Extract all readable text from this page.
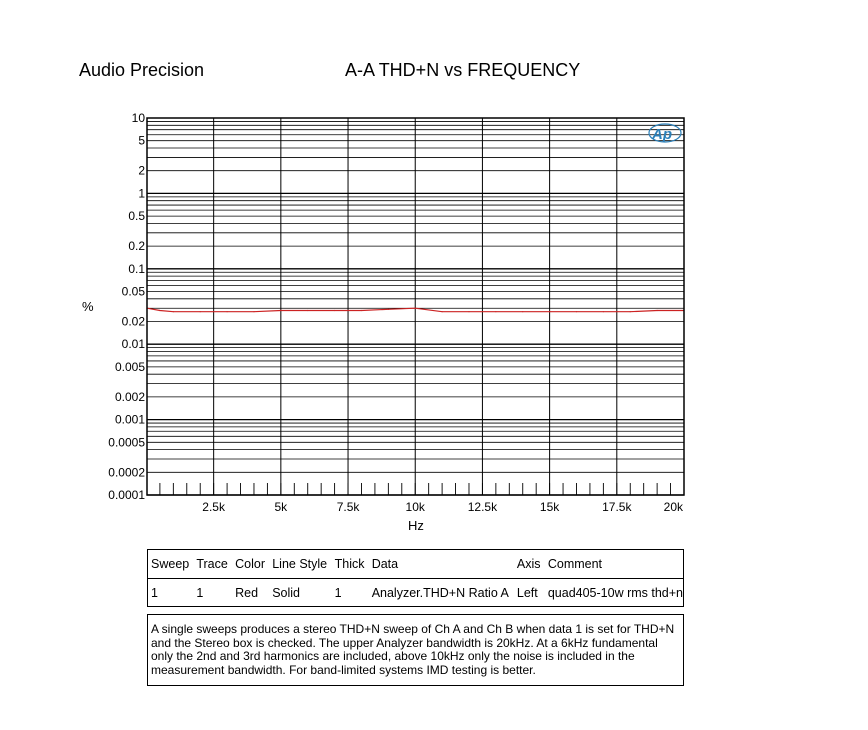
Audio Precision	A-A THD+N vs FREQUENCY
%
Hz
10
5
2
1
0.5
0.2
0.1
0.05
0.02
0.01
0.005
0.002
0.001
0.0005
0.0002
0.0001
2.5k	5k	7.5k	10k	12.5k	15k	17.5k	20k
Ap
Sweep	Trace	Color	Line Style	Thick	Data	Axis	Comment
1	1	Red	Solid	1	Analyzer.THD+N Ratio A	Left	quad405-10w rms thd+n
A single sweeps produces a stereo THD+N sweep of Ch A and Ch B when data 1 is set for THD+N and the Stereo box is checked. The upper Analyzer bandwidth is 20kHz. At a 6kHz fundamental only the 2nd and 3rd harmonics are included, above 10kHz only the noise is included in the measurement bandwidth. For band-limited systems IMD testing is better.
